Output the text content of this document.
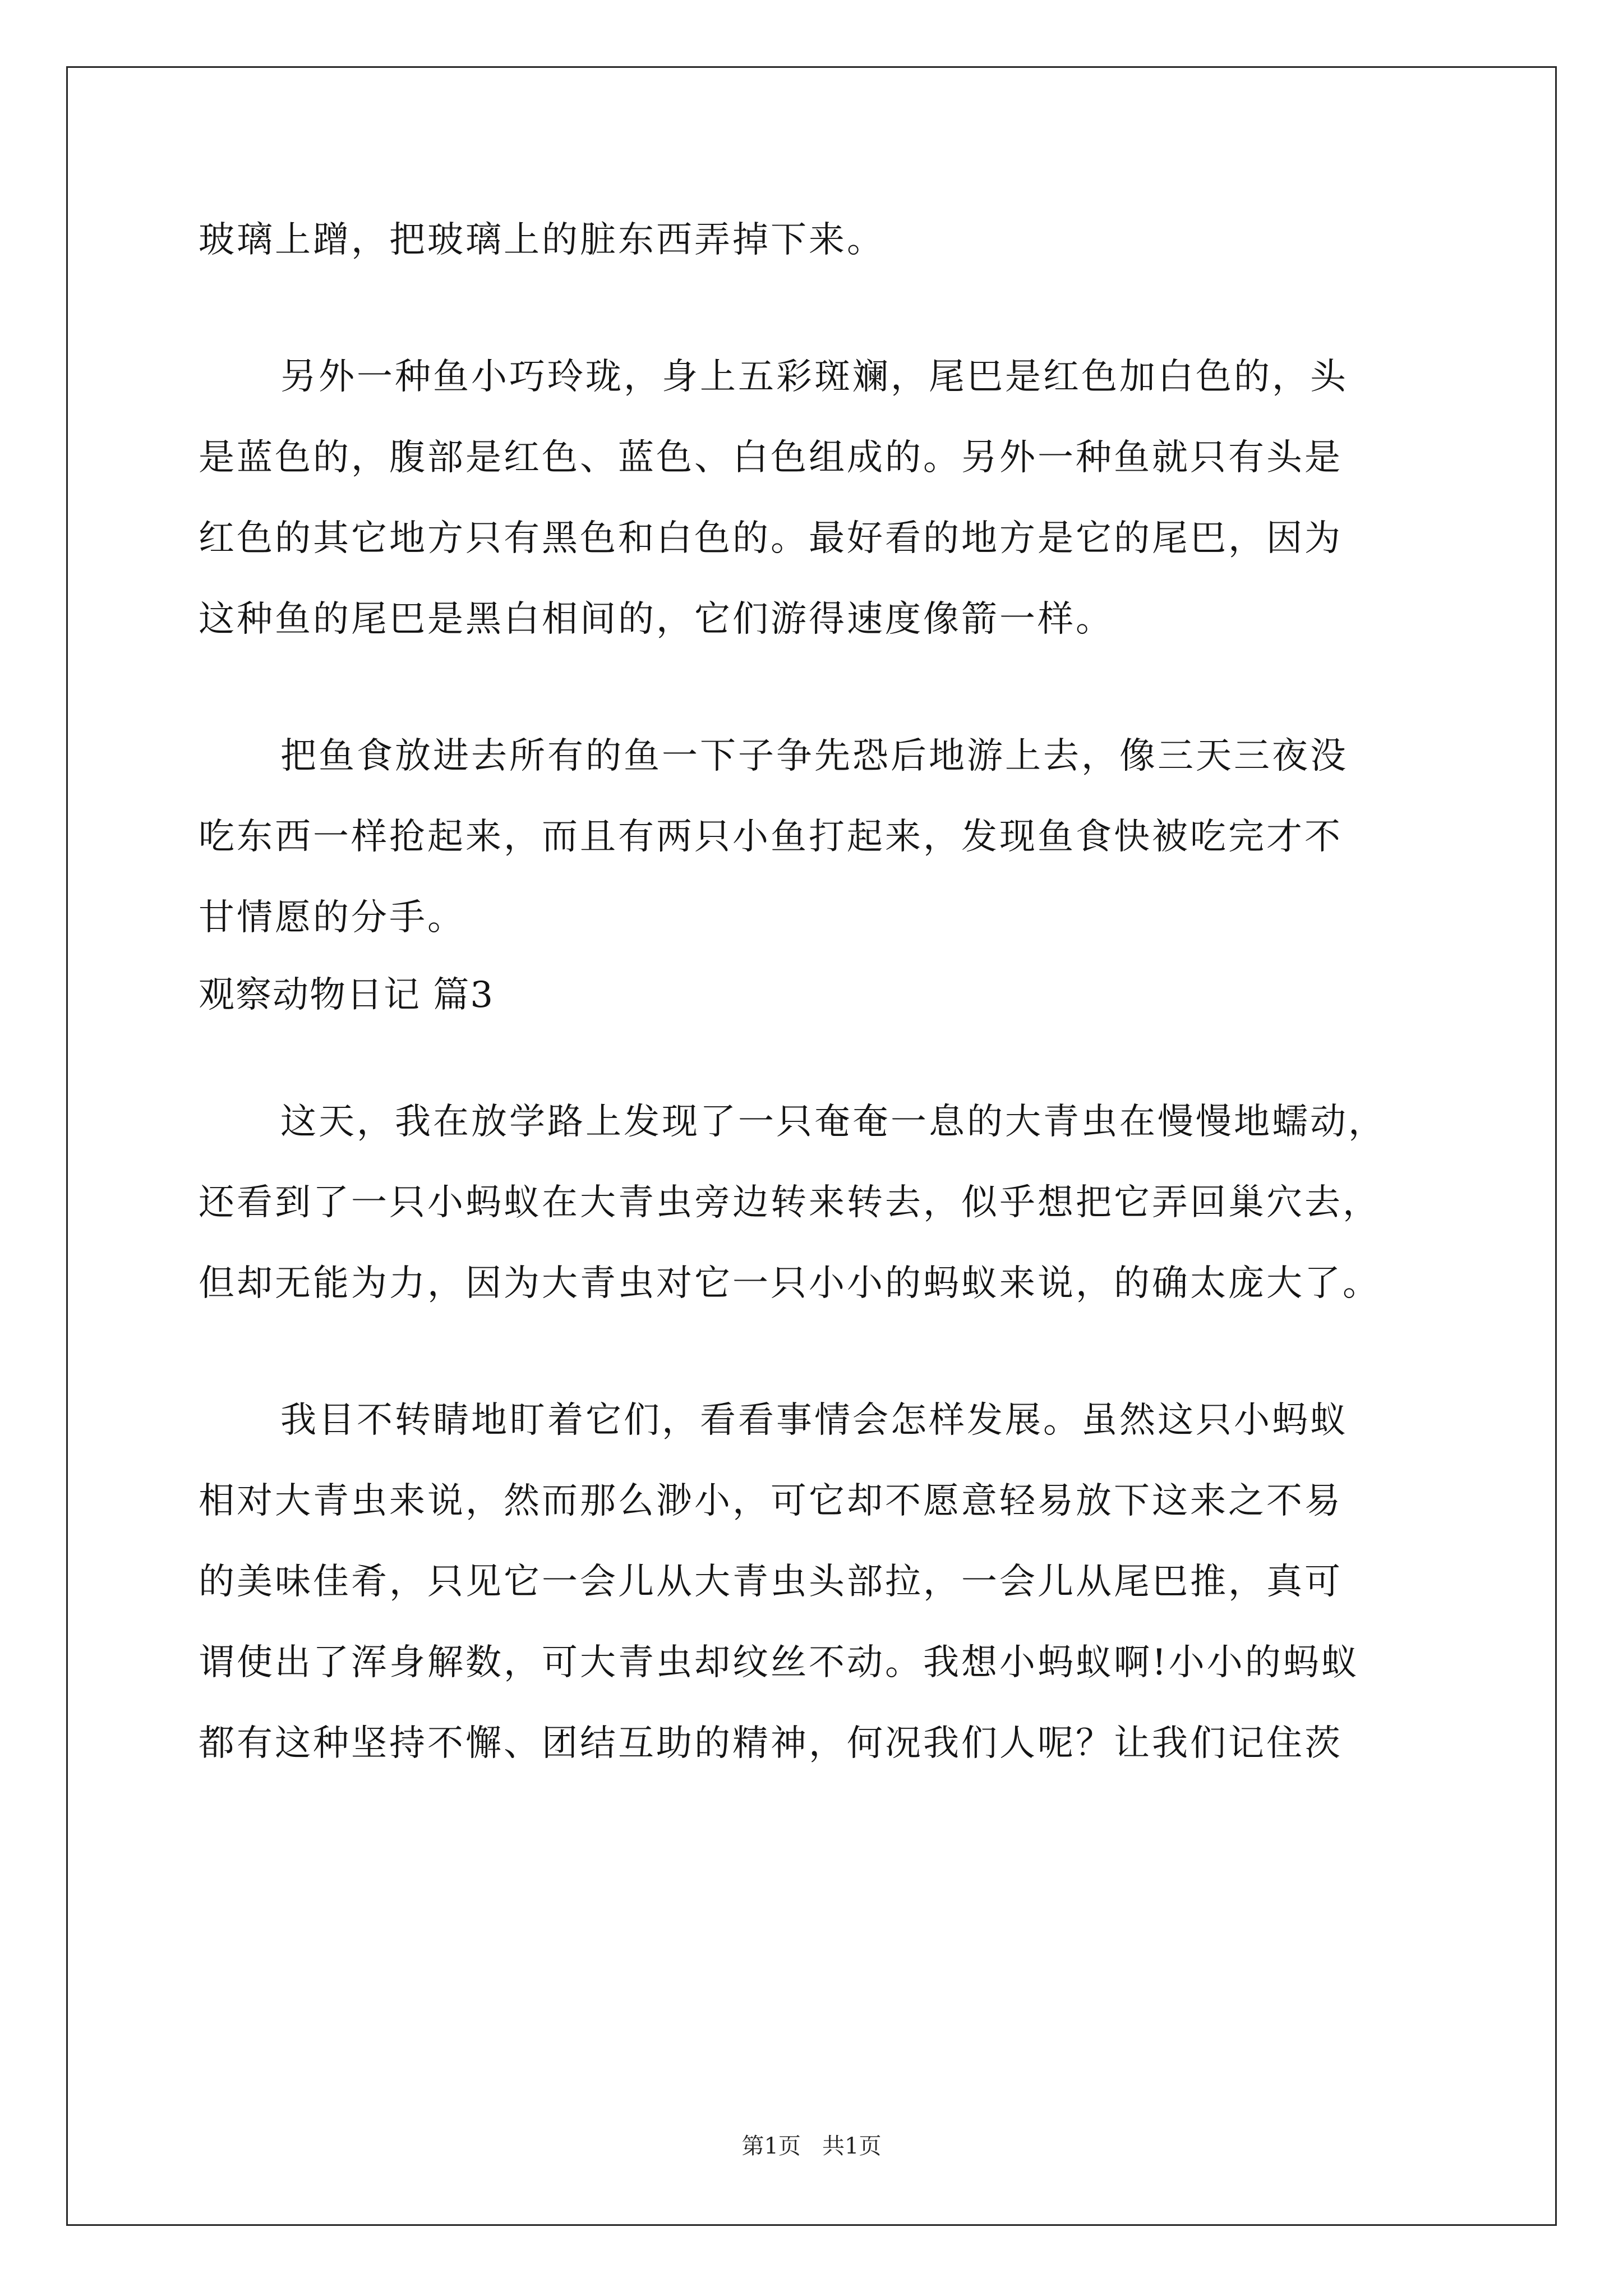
玻璃上蹭，把玻璃上的脏东西弄掉下来。
另外一种鱼小巧玲珑，身上五彩斑斓，尾巴是红色加白色的，头
是蓝色的，腹部是红色、蓝色、白色组成的。另外一种鱼就只有头是
红色的其它地方只有黑色和白色的。最好看的地方是它的尾巴，因为
这种鱼的尾巴是黑白相间的，它们游得速度像箭一样。
把鱼食放进去所有的鱼一下子争先恐后地游上去，像三天三夜没
吃东西一样抢起来，而且有两只小鱼打起来，发现鱼食快被吃完才不
甘情愿的分手。
观察动物日记 篇3
这天，我在放学路上发现了一只奄奄一息的大青虫在慢慢地蠕动，
还看到了一只小蚂蚁在大青虫旁边转来转去，似乎想把它弄回巢穴去，
但却无能为力，因为大青虫对它一只小小的蚂蚁来说，的确太庞大了。
我目不转睛地盯着它们，看看事情会怎样发展。虽然这只小蚂蚁
相对大青虫来说，然而那么渺小，可它却不愿意轻易放下这来之不易
的美味佳肴，只见它一会儿从大青虫头部拉，一会儿从尾巴推，真可
谓使出了浑身解数，可大青虫却纹丝不动。我想小蚂蚁啊!小小的蚂蚁
都有这种坚持不懈、团结互助的精神，何况我们人呢？让我们记住茨
第1页   共1页
